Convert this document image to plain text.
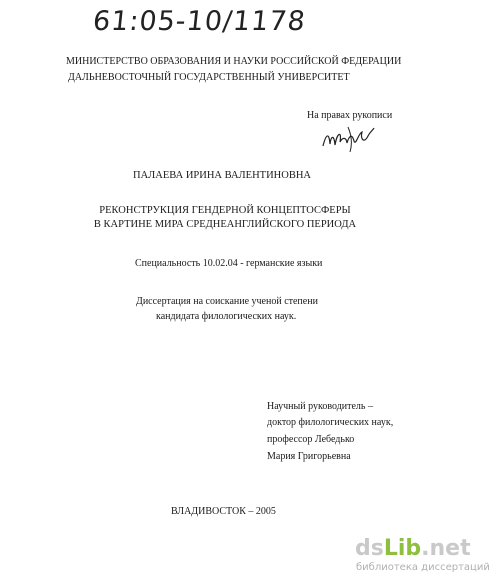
61:05-10/1178
МИНИСТЕРСТВО ОБРАЗОВАНИЯ И НАУКИ РОССИЙСКОЙ ФЕДЕРАЦИИ
ДАЛЬНЕВОСТОЧНЫЙ ГОСУДАРСТВЕННЫЙ УНИВЕРСИТЕТ
На правах рукописи
ПАЛАЕВА ИРИНА ВАЛЕНТИНОВНА
РЕКОНСТРУКЦИЯ ГЕНДЕРНОЙ КОНЦЕПТОСФЕРЫ
В КАРТИНЕ МИРА СРЕДНЕАНГЛИЙСКОГО ПЕРИОДА
Специальность 10.02.04 - германские языки
Диссертация на соискание ученой степени
кандидата филологических наук.
Научный руководитель –
доктор филологических наук,
профессор Лебедько
Мария Григорьевна
ВЛАДИВОСТОК – 2005
dsLib.net
библиотека диссертаций
